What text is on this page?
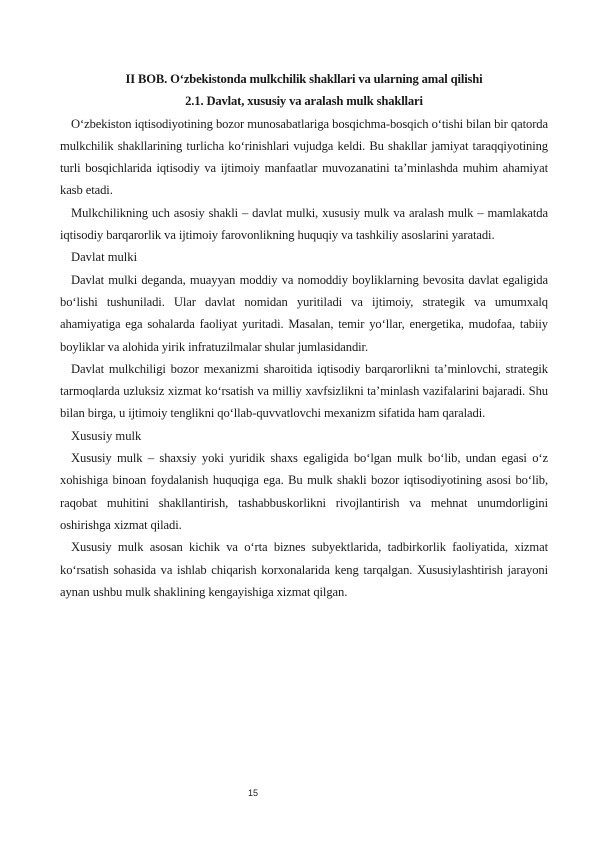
II BOB. O‘zbekistonda mulkchilik shakllari va ularning amal qilishi

2.1. Davlat, xususiy va aralash mulk shakllari

O‘zbekiston iqtisodiyotining bozor munosabatlariga bosqichma-bosqich o‘tishi bilan bir qatorda mulkchilik shakllarining turlicha ko‘rinishlari vujudga keldi. Bu shakllar jamiyat taraqqiyotining turli bosqichlarida iqtisodiy va ijtimoiy manfaatlar muvozanatini ta’minlashda muhim ahamiyat kasb etadi.

Mulkchilikning uch asosiy shakli – davlat mulki, xususiy mulk va aralash mulk – mamlakatda iqtisodiy barqarorlik va ijtimoiy farovonlikning huquqiy va tashkiliy asoslarini yaratadi.

Davlat mulki

Davlat mulki deganda, muayyan moddiy va nomoddiy boyliklarning bevosita davlat egaligida bo‘lishi tushuniladi. Ular davlat nomidan yuritiladi va ijtimoiy, strategik va umumxalq ahamiyatiga ega sohalarda faoliyat yuritadi. Masalan, temir yo‘llar, energetika, mudofaa, tabiiy boyliklar va alohida yirik infratuzilmalar shular jumlasidandir.

Davlat mulkchiligi bozor mexanizmi sharoitida iqtisodiy barqarorlikni ta’minlovchi, strategik tarmoqlarda uzluksiz xizmat ko‘rsatish va milliy xavfsizlikni ta’minlash vazifalarini bajaradi. Shu bilan birga, u ijtimoiy tenglikni qo‘llab-quvvatlovchi mexanizm sifatida ham qaraladi.

Xususiy mulk

Xususiy mulk – shaxsiy yoki yuridik shaxs egaligida bo‘lgan mulk bo‘lib, undan egasi o‘z xohishiga binoan foydalanish huquqiga ega. Bu mulk shakli bozor iqtisodiyotining asosi bo‘lib, raqobat muhitini shakllantirish, tashabbuskorlikni rivojlantirish va mehnat unumdorligini oshirishga xizmat qiladi.

Xususiy mulk asosan kichik va o‘rta biznes subyektlarida, tadbirkorlik faoliyatida, xizmat ko‘rsatish sohasida va ishlab chiqarish korxonalarida keng tarqalgan. Xususiylashtirish jarayoni aynan ushbu mulk shaklining kengayishiga xizmat qilgan.

15
